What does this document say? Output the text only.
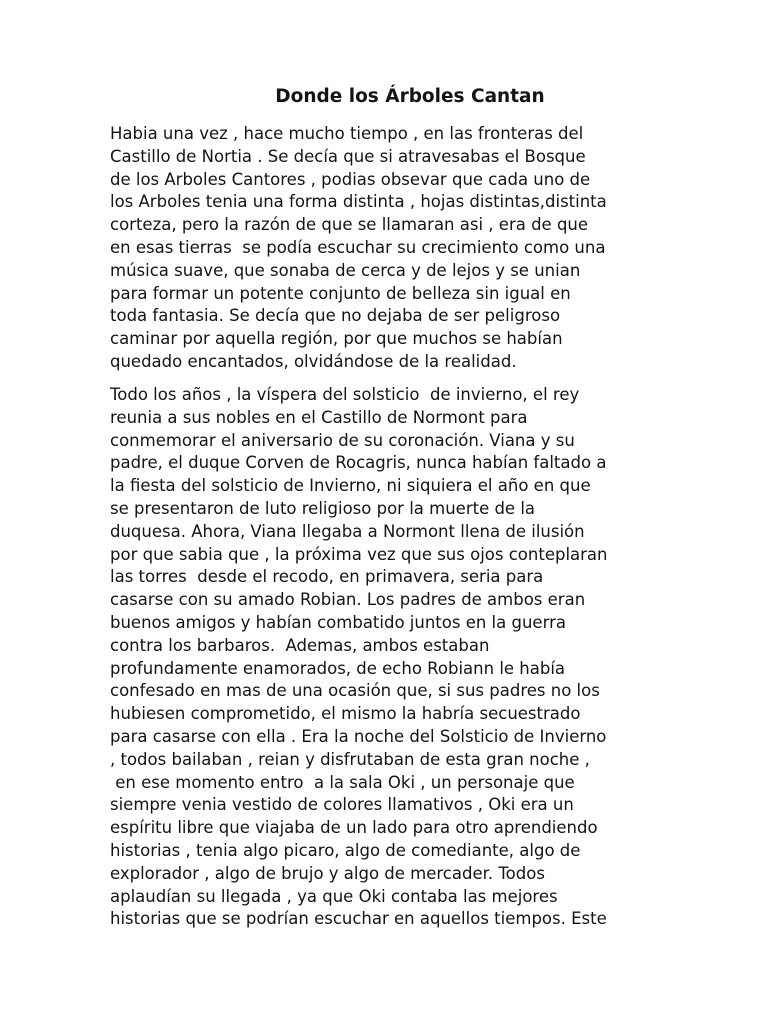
Donde los Árboles Cantan

Habia una vez , hace mucho tiempo , en las fronteras del
Castillo de Nortia . Se decía que si atravesabas el Bosque
de los Arboles Cantores , podias obsevar que cada uno de
los Arboles tenia una forma distinta , hojas distintas,distinta
corteza, pero la razón de que se llamaran asi , era de que
en esas tierras  se podía escuchar su crecimiento como una
música suave, que sonaba de cerca y de lejos y se unian
para formar un potente conjunto de belleza sin igual en
toda fantasia. Se decía que no dejaba de ser peligroso
caminar por aquella región, por que muchos se habían
quedado encantados, olvidándose de la realidad.

Todo los años , la víspera del solsticio  de invierno, el rey
reunia a sus nobles en el Castillo de Normont para
conmemorar el aniversario de su coronación. Viana y su
padre, el duque Corven de Rocagris, nunca habían faltado a
la fiesta del solsticio de Invierno, ni siquiera el año en que
se presentaron de luto religioso por la muerte de la
duquesa. Ahora, Viana llegaba a Normont llena de ilusión
por que sabia que , la próxima vez que sus ojos conteplaran
las torres  desde el recodo, en primavera, seria para
casarse con su amado Robian. Los padres de ambos eran
buenos amigos y habían combatido juntos en la guerra
contra los barbaros.  Ademas, ambos estaban
profundamente enamorados, de echo Robiann le había
confesado en mas de una ocasión que, si sus padres no los
hubiesen comprometido, el mismo la habría secuestrado
para casarse con ella . Era la noche del Solsticio de Invierno
, todos bailaban , reian y disfrutaban de esta gran noche ,
en ese momento entro  a la sala Oki , un personaje que
siempre venia vestido de colores llamativos , Oki era un
espíritu libre que viajaba de un lado para otro aprendiendo
historias , tenia algo picaro, algo de comediante, algo de
explorador , algo de brujo y algo de mercader. Todos
aplaudían su llegada , ya que Oki contaba las mejores
historias que se podrían escuchar en aquellos tiempos. Este
